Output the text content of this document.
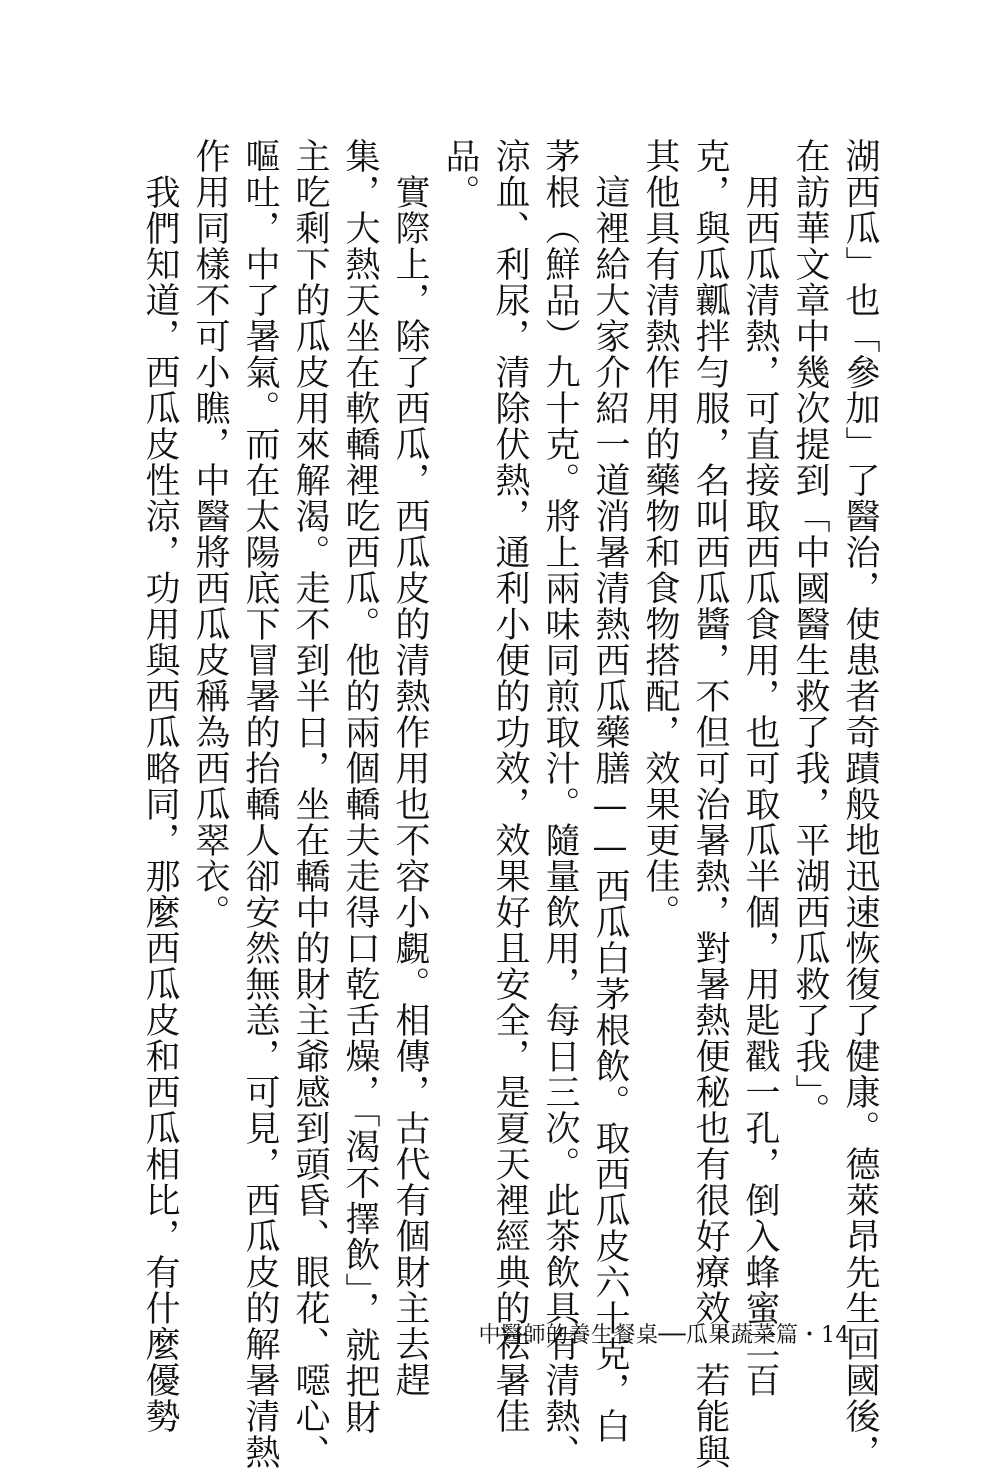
湖西瓜」也「參加」了醫治，使患者奇蹟般地迅速恢復了健康。德萊昂先生回國後，

在訪華文章中幾次提到「中國醫生救了我，平湖西瓜救了我」。

　用西瓜清熱，可直接取西瓜食用，也可取瓜半個，用匙戳一孔，倒入蜂蜜二百

克，與瓜瓤拌勻服，名叫西瓜醬，不但可治暑熱，對暑熱便秘也有很好療效。若能與

其他具有清熱作用的藥物和食物搭配，效果更佳。

　這裡給大家介紹一道消暑清熱西瓜藥膳——西瓜白茅根飲。取西瓜皮六十克，白

茅根（鮮品）九十克。將上兩味同煎取汁。隨量飲用，每日三次。此茶飲具有清熱、

涼血、利尿，清除伏熱，通利小便的功效，效果好且安全，是夏天裡經典的祛暑佳

品。

　實際上，除了西瓜，西瓜皮的清熱作用也不容小覷。相傳，古代有個財主去趕

集，大熱天坐在軟轎裡吃西瓜。他的兩個轎夫走得口乾舌燥，「渴不擇飲」，就把財

主吃剩下的瓜皮用來解渴。走不到半日，坐在轎中的財主爺感到頭昏、眼花、噁心、

嘔吐，中了暑氣。而在太陽底下冒暑的抬轎人卻安然無恙，可見，西瓜皮的解暑清熱

作用同樣不可小瞧，中醫將西瓜皮稱為西瓜翠衣。

　我們知道，西瓜皮性涼，功用與西瓜略同，那麼西瓜皮和西瓜相比，有什麼優勢	中醫師的養生餐桌──瓜果蔬菜篇・14
